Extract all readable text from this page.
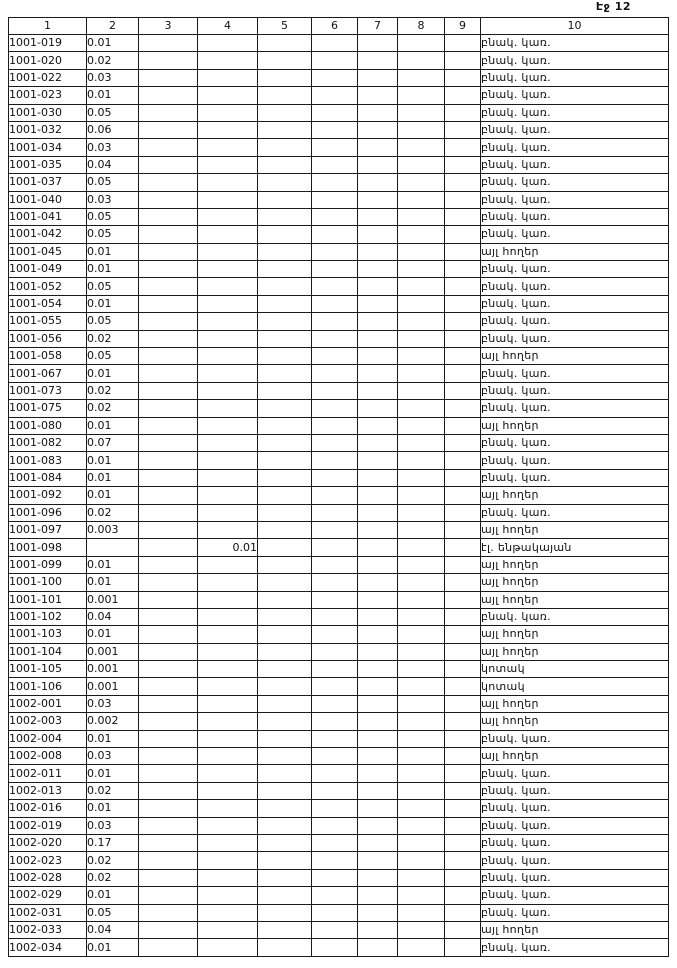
Էջ 12
1	2	3	4	5	6	7	8	9	10
1001-019	0.01								բնակ. կառ.
1001-020	0.02								բնակ. կառ.
1001-022	0.03								բնակ. կառ.
1001-023	0.01								բնակ. կառ.
1001-030	0.05								բնակ. կառ.
1001-032	0.06								բնակ. կառ.
1001-034	0.03								բնակ. կառ.
1001-035	0.04								բնակ. կառ.
1001-037	0.05								բնակ. կառ.
1001-040	0.03								բնակ. կառ.
1001-041	0.05								բնակ. կառ.
1001-042	0.05								բնակ. կառ.
1001-045	0.01								այլ հողեր
1001-049	0.01								բնակ. կառ.
1001-052	0.05								բնակ. կառ.
1001-054	0.01								բնակ. կառ.
1001-055	0.05								բնակ. կառ.
1001-056	0.02								բնակ. կառ.
1001-058	0.05								այլ հողեր
1001-067	0.01								բնակ. կառ.
1001-073	0.02								բնակ. կառ.
1001-075	0.02								բնակ. կառ.
1001-080	0.01								այլ հողեր
1001-082	0.07								բնակ. կառ.
1001-083	0.01								բնակ. կառ.
1001-084	0.01								բնակ. կառ.
1001-092	0.01								այլ հողեր
1001-096	0.02								բնակ. կառ.
1001-097	0.003								այլ հողեր
1001-098			0.01						էլ. ենթակայան
1001-099	0.01								այլ հողեր
1001-100	0.01								այլ հողեր
1001-101	0.001								այլ հողեր
1001-102	0.04								բնակ. կառ.
1001-103	0.01								այլ հողեր
1001-104	0.001								այլ հողեր
1001-105	0.001								կոտակ
1001-106	0.001								կոտակ
1002-001	0.03								այլ հողեր
1002-003	0.002								այլ հողեր
1002-004	0.01								բնակ. կառ.
1002-008	0.03								այլ հողեր
1002-011	0.01								բնակ. կառ.
1002-013	0.02								բնակ. կառ.
1002-016	0.01								բնակ. կառ.
1002-019	0.03								բնակ. կառ.
1002-020	0.17								բնակ. կառ.
1002-023	0.02								բնակ. կառ.
1002-028	0.02								բնակ. կառ.
1002-029	0.01								բնակ. կառ.
1002-031	0.05								բնակ. կառ.
1002-033	0.04								այլ հողեր
1002-034	0.01								բնակ. կառ.
